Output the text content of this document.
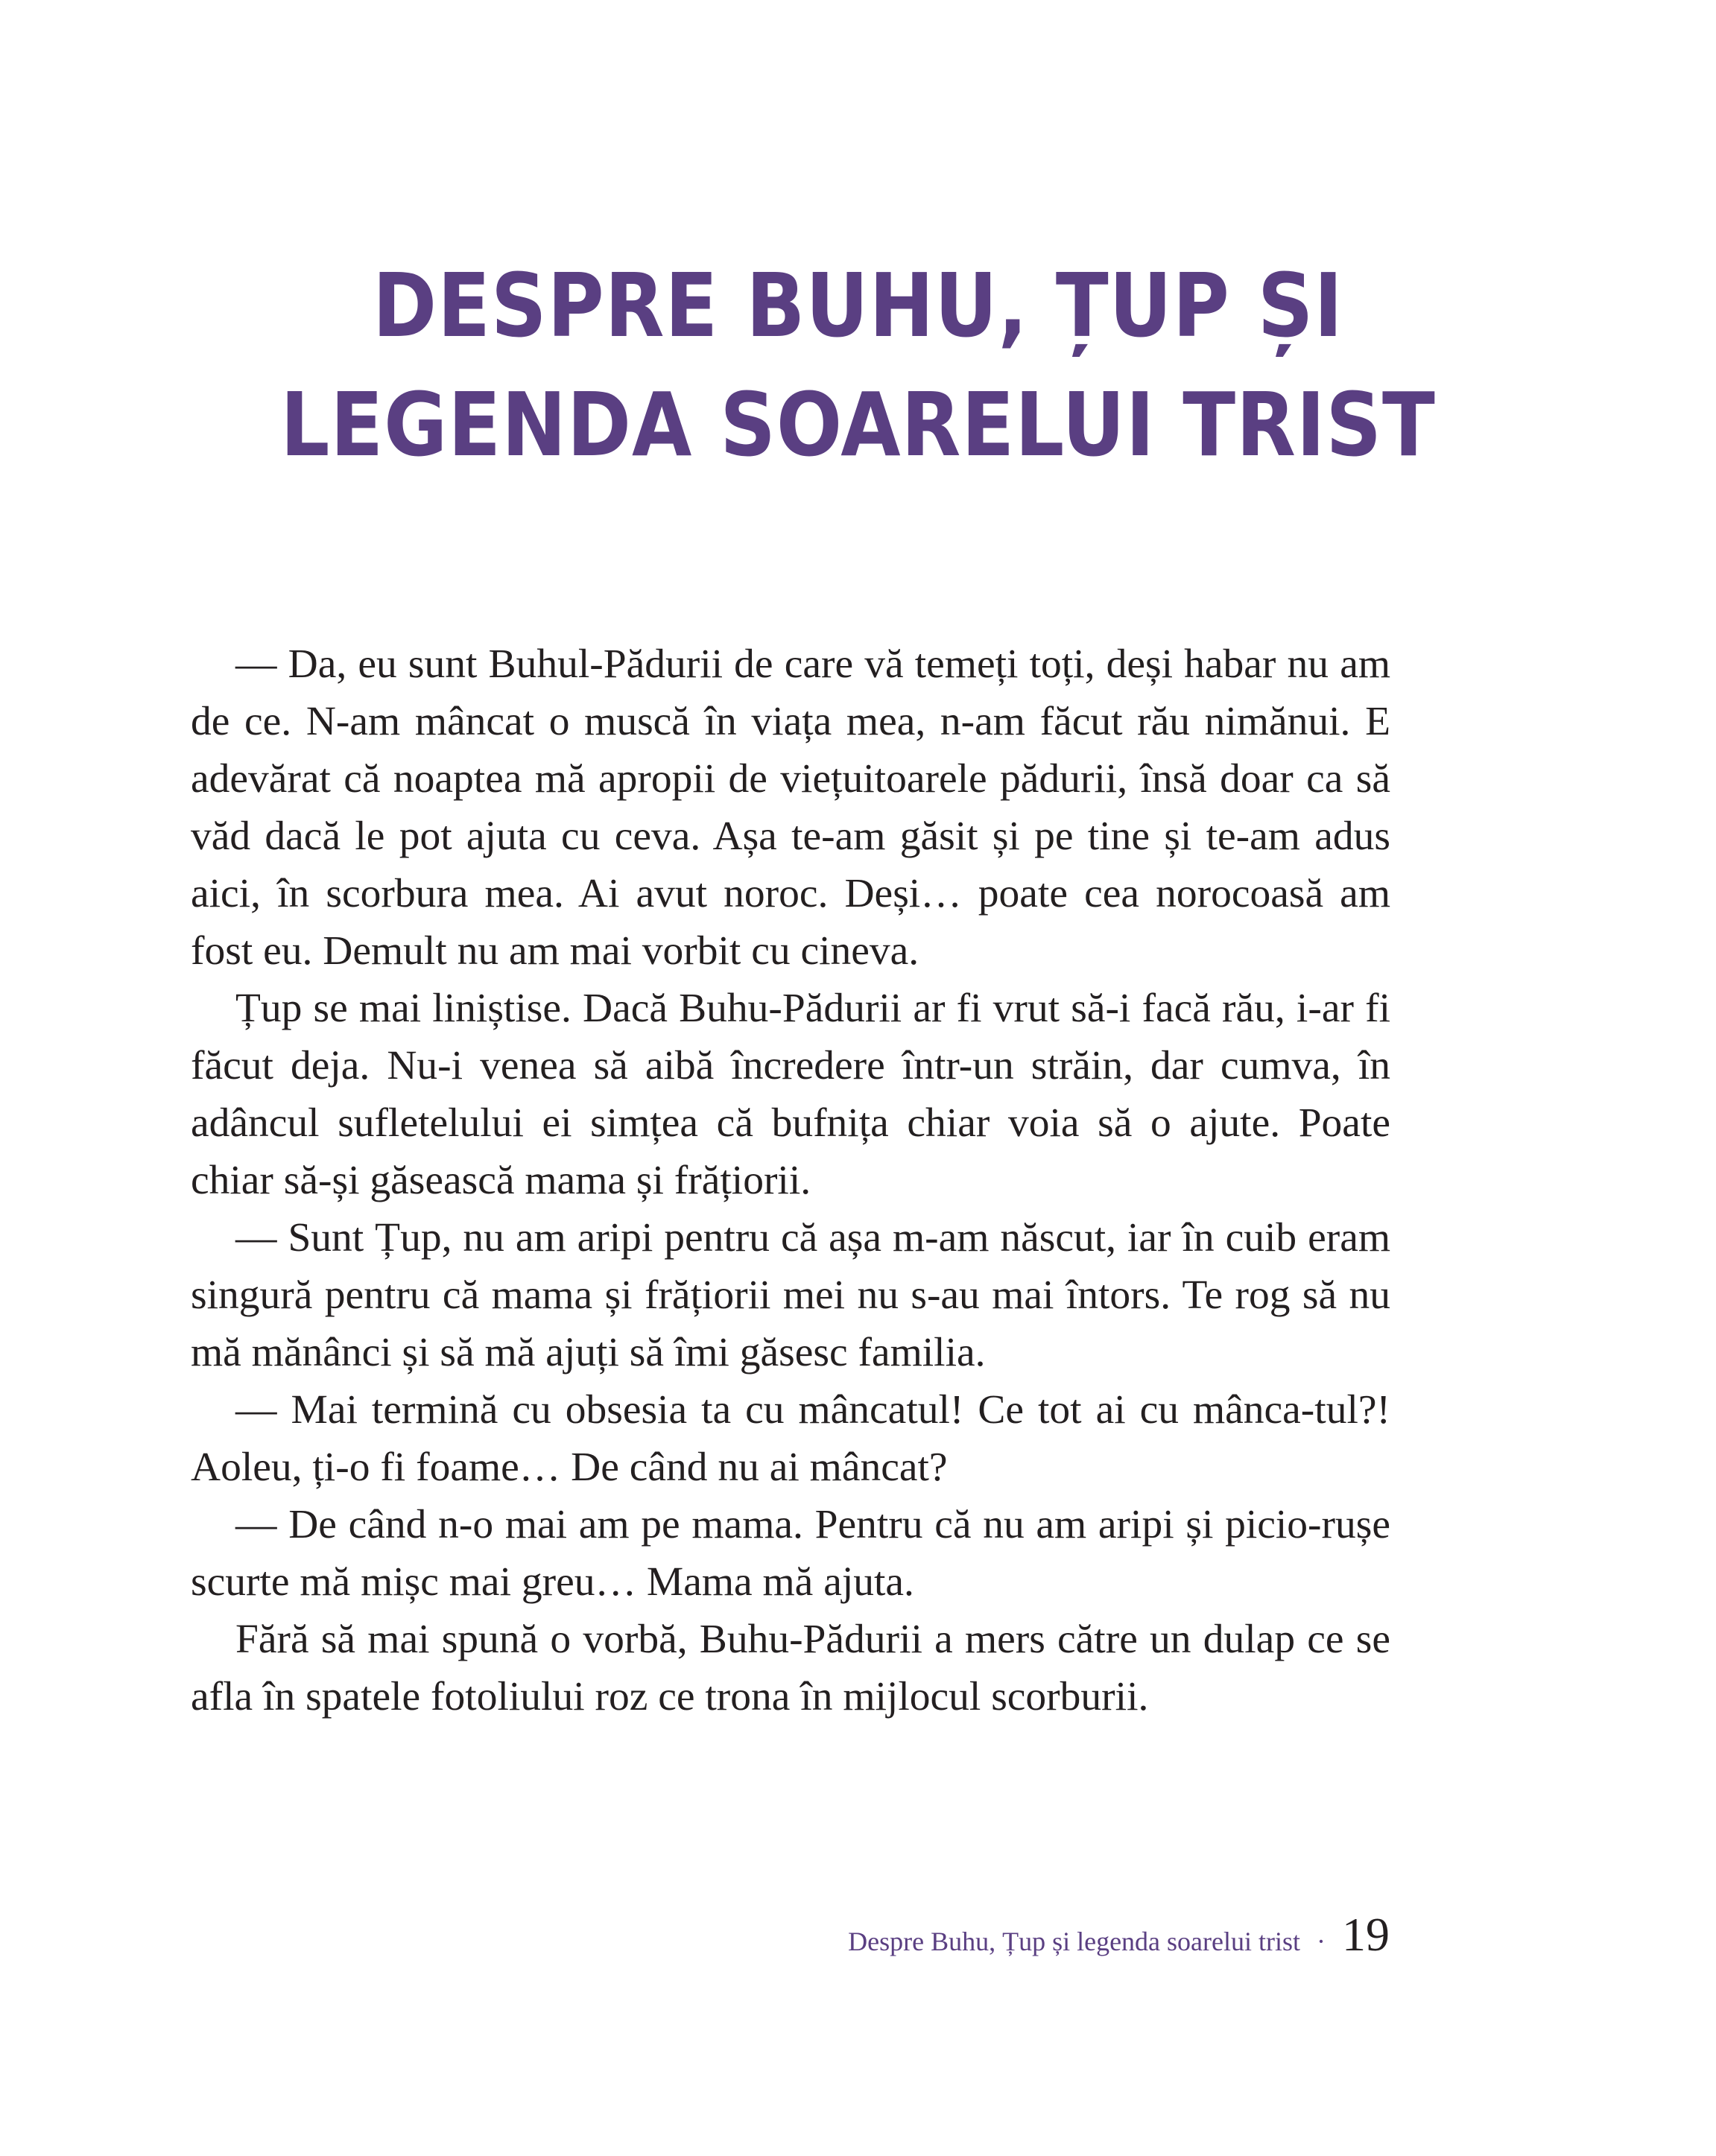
DESPRE BUHU, ȚUP ȘI
LEGENDA SOARELUI TRIST

— Da, eu sunt Buhul-Pădurii de care vă temeți toți, deși habar nu am de ce. N-am mâncat o muscă în viața mea, n-am făcut rău nimănui. E adevărat că noaptea mă apropii de viețuitoarele pădurii, însă doar ca să văd dacă le pot ajuta cu ceva. Așa te-am găsit și pe tine și te-am adus aici, în scorbura mea. Ai avut noroc. Deși… poate cea norocoasă am fost eu. Demult nu am mai vorbit cu cineva.

Țup se mai liniștise. Dacă Buhu-Pădurii ar fi vrut să-i facă rău, i-ar fi făcut deja. Nu-i venea să aibă încredere într-un străin, dar cumva, în adâncul sufletelului ei simțea că bufnița chiar voia să o ajute. Poate chiar să-și găsească mama și frățiorii.

— Sunt Țup, nu am aripi pentru că așa m-am născut, iar în cuib eram singură pentru că mama și frățiorii mei nu s-au mai întors. Te rog să nu mă mănânci și să mă ajuți să îmi găsesc familia.

— Mai termină cu obsesia ta cu mâncatul! Ce tot ai cu mânca-tul?! Aoleu, ți-o fi foame… De când nu ai mâncat?

— De când n-o mai am pe mama. Pentru că nu am aripi și picio-rușe scurte mă mișc mai greu… Mama mă ajuta.

Fără să mai spună o vorbă, Buhu-Pădurii a mers către un dulap ce se afla în spatele fotoliului roz ce trona în mijlocul scorburii.

Despre Buhu, Țup și legenda soarelui trist · 19
